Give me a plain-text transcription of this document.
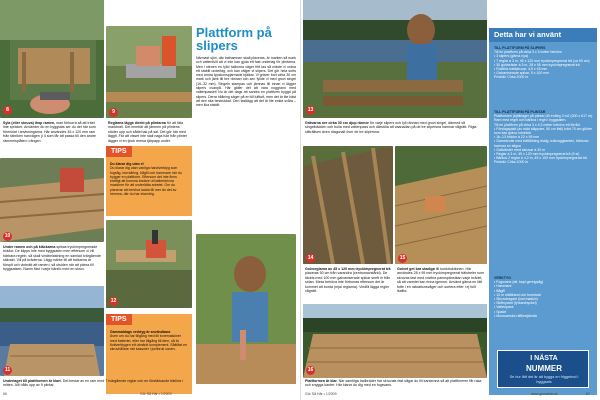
8
Syla (eller skruva) ihop ramen, man förborra så att träet inte spricker. Använder du en byggsats ser du det här som förenklat i anvisningarna. Här användes 45 x 120 mm ram från fabriken hanvägen (i 4 som får att passa till den andre rämmelsplåten i rängen.
9
Reglarna läggs direkt på plintarna för att fäta markbrall. Det innebär att jämnen på plintens stöder upp och såttet tak på sal. Det gör här med läggfi. Fär att visset inte stall naga fukt från plinter lägger vi en tjock remsa tjärpapp under.
10
Under ramen och på kläckarna spikas tryckimpregnerade brädor. De klipps inte med byggsaten men eftersom vi vill bärbara regeln, så skall vindbelastning en samlad tvärgående säkrakt. Vill på bräderna. Lägg märke till att balkarna är förspit och vinbrätt att ramen i så utsiden när att pärna till byggsatsen. Namn fäst i varje bärsfo med en skruv.
TIPS
Du klarar dig utan el
Du klarar dig utan vanliga handverktyg som fogsåg, borrsåring, bågfil och hammare när du bygger en plattform. Eftersom det inte finns kraftigt att komma ändare ut batteridrivna maskiner för att underlätta arbetet. Om du planerar att behöva ladda till mer än det av hemma, där du har elsentrig.
12
TIPS
Gammaldags verktyg är användbara
Även om du har tillgång med till boremaskiner med batterier, eller har tillgång till dem, så är flottverktygen ett utmärkt komplement. Såttfäst en skruvhållare när kassoler i jordbruk vaxen.
11
Underlaget till plattformen är klart. Det bestar av en ram med 7 tvärgående reglar och en förstärkande bärlina i mitten. Allt hålls upp av 9 plintar.
Plattform på slipers
Närmast sjön, där bathamnen skall placeras, är marken så mark och vattenfullt att vi inte kan gjuta ett fast underlag för plintarna. Men i stenen en fylld hallonna väger fritt tas så mäste vi ordna ett stabilt underlag, och kan välger vi slipers. Det gör hela sorts med andra typskonspjarmade bjälkar. Vi gräver bort cirka 30 cm mark och jämt till bre rännan och sen fyllde vi med grovt singel (16–32 mm). Singeln stampas och jämnas till innan vi lägger slipers ovanpå. Här gäller det att vara noggrann med vattenpasset! Nu är det dags att sandra en plattform byggd på slipers. Derra hållning säger på en till lufttoft, men det är lite bäst att den ska bestruktad. Den fastlägg att det är lite enkla svåra – men lika stabilt.
66	Gör Så Här • 1/2009
13
Grävarna ner cirka 30 cm djup rännor för varje slipers och fyll rännan med grovt singel, därmed så singelbädden och bolla med vattenpass och därstöla att vaanadan på de tre slipersna hamnar vågrätt. Rigla slitträllsen även diagonalt över de tre slipersna.
14
Golvreglarna av 45 x 120 mm tryckimpregnerat trä placeras 50 cm från varandra (centrumavstånd). De täckts med 100 mm galvaniserade spikar snett in från sidan. Mess behöva inte förborras eftersom det är kommet att borda (mjal reglarna). Vindfä lägga regler vågrätt.
15
Golvet get bra stadiga till konstruktionen. Här användes 28 x 95 mm tryckimpregnerat trälstreler som skruvas fast med rostfria pannspänstkan varje brädel, så att varmlet kan rinna igenom. Använd gärna en lätt fotte i en ratuationsvåger och sortera efter i ej fullt lsaffor.
16
Plattformen är klar. När samtliga trallbräder har skruvats fast sågar du till kantemna så att plattformen får raka och snygga kanter. Här klarar du dig med en fogsvans.
Detta har vi använt
TILL PLATTFORM PÅ SLIPERS
Till en plattform på cirka 3 x 3 meter behövs
• 3 slipers (gärna nya)
• 7 reglar à 3 m, 45 x 120 mm tryckimpregnerat trä (ca 50 cm)
• 30 golvbräder à 3 m, 28 x 95 mm tryckimpregnerat trä
• Rostfria trallskruvar, 4,5 x 45 mm
• Galvaniserade spikar, 5 x 100 mm
Prisbild: Cirka 2000 kr
TILL PLATTFORM PÅ PLINTAR
Plattformen (bjälklager på plintar) till enfärg 3 m2 (300 x 617 m). Ram med regel och bärlina i regel i byggsaten.
Till en plattform på cirka 3 x 4,3 meter behövs ett förråd
• Förslagsplatt (av mäd släppare, 50 cm ifall) tvärt 70 cm glöder som kan gräva rotvinkel
• 1b–13 brädor à 22 x 95 mm
• Garnekrutis med träffältning dialig, trallvaggkanten, bärlorav hamnar en stigsa
• Gallvånder med skruvar à 30 m
• Reglar à 3 m, 45 x 120 mm tryckimpregnerat trä (9 st)
• Bärlina 2 reglar à 4,2 m, 45 x 100 mm tryckimpregnerat trä
Prisbild: Cirka 1000 kr
VERKTYG
• Fogsvans (alt. kapi-geringsåg)
• Hammare
• Bågfil
• 10 m måttband och tumstock
• Skruvdragare (borrmaskin)
• Skiftnyckel (fyrkantnyckel)
• Vattenpass
• Spade
• Muuruanslut räfförstjärnlär
I NÄSTA
NUMMER
Se hur lätt det är att bygga en friggebod i byggsats
Gör Så Här • 1/2009	www.gorsahar.se	67
